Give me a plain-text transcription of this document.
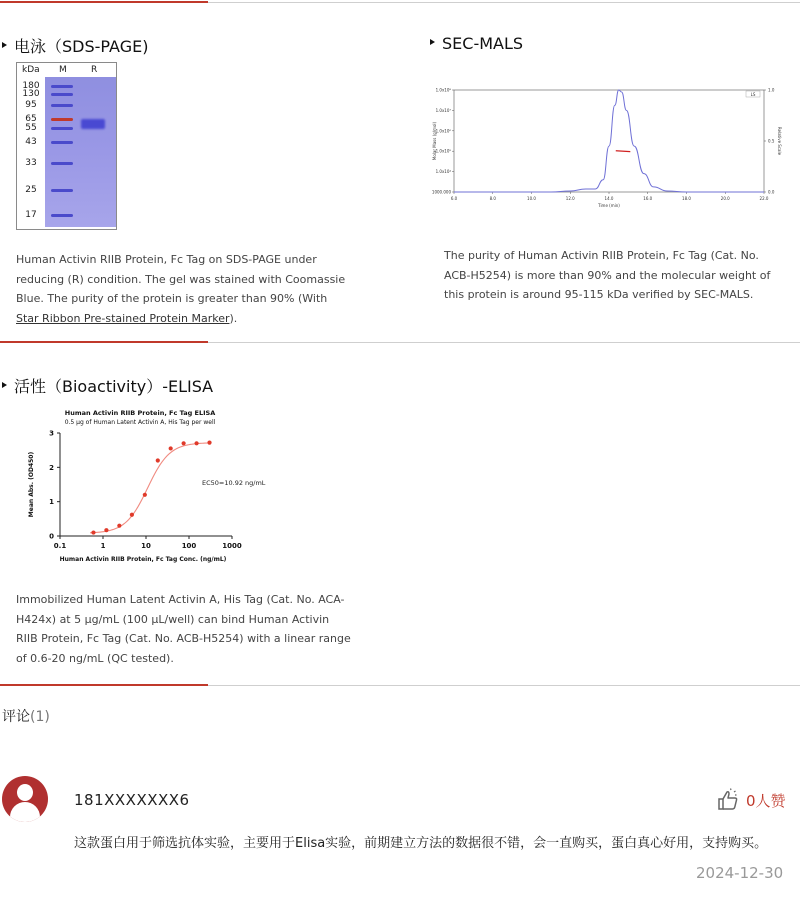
电泳（SDS-PAGE)
kDa M	R
180
130
95
65
55
43
33
25
17
Human Activin RIIB Protein, Fc Tag on SDS-PAGE under reducing (R) condition. The gel was stained with Coomassie Blue. The purity of the protein is greater than 90% (With Star Ribbon Pre-stained Protein Marker).
SEC-MALS
LS
6.0	8.0	10.0	12.0	14.0	16.0	18.0	20.0	22.0
1000.000
1.0x10⁴
1.0x10⁵
1.0x10⁶
1.0x10⁷
1.0x10⁸
0.0
0.5
1.0
Time (min)
Molar Mass (g/mol)	Relative Scale
The purity of Human Activin RIIB Protein, Fc Tag (Cat. No. ACB-H5254) is more than 90% and the molecular weight of this protein is around 95-115 kDa verified by SEC-MALS.
活性（Bioactivity）-ELISA
Human Activin RIIB Protein, Fc Tag ELISA
0.5 μg of Human Latent Activin A, His Tag per well
0
1
2
3
0.1	1	10	100	1000
Human Activin RIIB Protein, Fc Tag Conc. (ng/mL)
Mean Abs. (OD450)	EC50=10.92 ng/mL
Immobilized Human Latent Activin A, His Tag (Cat. No. ACA-H424x) at 5 μg/mL (100 μL/well) can bind Human Activin RIIB Protein, Fc Tag (Cat. No. ACB-H5254) with a linear range of 0.6-20 ng/mL (QC tested).
评论(1)
181XXXXXXX6	0人赞
这款蛋白用于筛选抗体实验，主要用于Elisa实验，前期建立方法的数据很不错，会一直购买，蛋白真心好用，支持购买。
2024-12-30
